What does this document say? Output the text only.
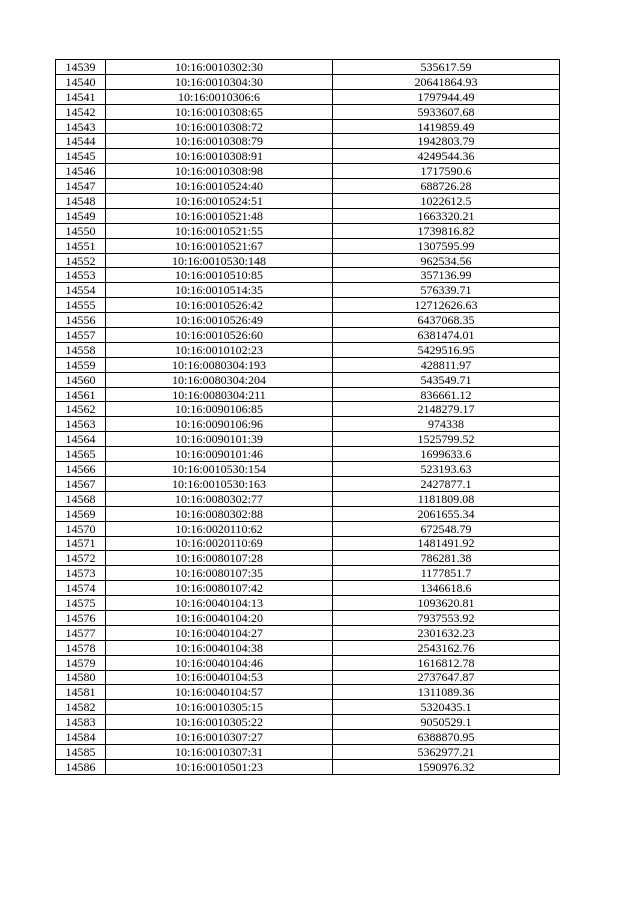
14539	10:16:0010302:30	535617.59
14540	10:16:0010304:30	20641864.93
14541	10:16:0010306:6	1797944.49
14542	10:16:0010308:65	5933607.68
14543	10:16:0010308:72	1419859.49
14544	10:16:0010308:79	1942803.79
14545	10:16:0010308:91	4249544.36
14546	10:16:0010308:98	1717590.6
14547	10:16:0010524:40	688726.28
14548	10:16:0010524:51	1022612.5
14549	10:16:0010521:48	1663320.21
14550	10:16:0010521:55	1739816.82
14551	10:16:0010521:67	1307595.99
14552	10:16:0010530:148	962534.56
14553	10:16:0010510:85	357136.99
14554	10:16:0010514:35	576339.71
14555	10:16:0010526:42	12712626.63
14556	10:16:0010526:49	6437068.35
14557	10:16:0010526:60	6381474.01
14558	10:16:0010102:23	5429516.95
14559	10:16:0080304:193	428811.97
14560	10:16:0080304:204	543549.71
14561	10:16:0080304:211	836661.12
14562	10:16:0090106:85	2148279.17
14563	10:16:0090106:96	974338
14564	10:16:0090101:39	1525799.52
14565	10:16:0090101:46	1699633.6
14566	10:16:0010530:154	523193.63
14567	10:16:0010530:163	2427877.1
14568	10:16:0080302:77	1181809.08
14569	10:16:0080302:88	2061655.34
14570	10:16:0020110:62	672548.79
14571	10:16:0020110:69	1481491.92
14572	10:16:0080107:28	786281.38
14573	10:16:0080107:35	1177851.7
14574	10:16:0080107:42	1346618.6
14575	10:16:0040104:13	1093620.81
14576	10:16:0040104:20	7937553.92
14577	10:16:0040104:27	2301632.23
14578	10:16:0040104:38	2543162.76
14579	10:16:0040104:46	1616812.78
14580	10:16:0040104:53	2737647.87
14581	10:16:0040104:57	1311089.36
14582	10:16:0010305:15	5320435.1
14583	10:16:0010305:22	9050529.1
14584	10:16:0010307:27	6388870.95
14585	10:16:0010307:31	5362977.21
14586	10:16:0010501:23	1590976.32
